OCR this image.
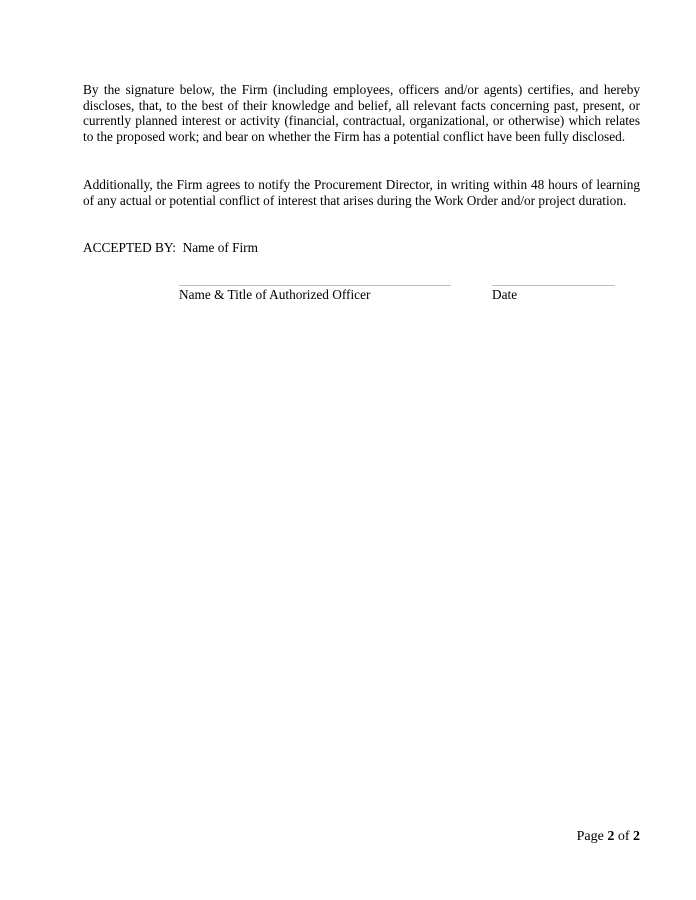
By the signature below, the Firm (including employees, officers and/or agents) certifies, and hereby discloses, that, to the best of their knowledge and belief, all relevant facts concerning past, present, or currently planned interest or activity (financial, contractual, organizational, or otherwise) which relates to the proposed work; and bear on whether the Firm has a potential conflict have been fully disclosed.

Additionally, the Firm agrees to notify the Procurement Director, in writing within 48 hours of learning of any actual or potential conflict of interest that arises during the Work Order and/or project duration.

ACCEPTED BY:  Name of Firm
Name & Title of Authorized Officer	Date
Page 2 of 2
